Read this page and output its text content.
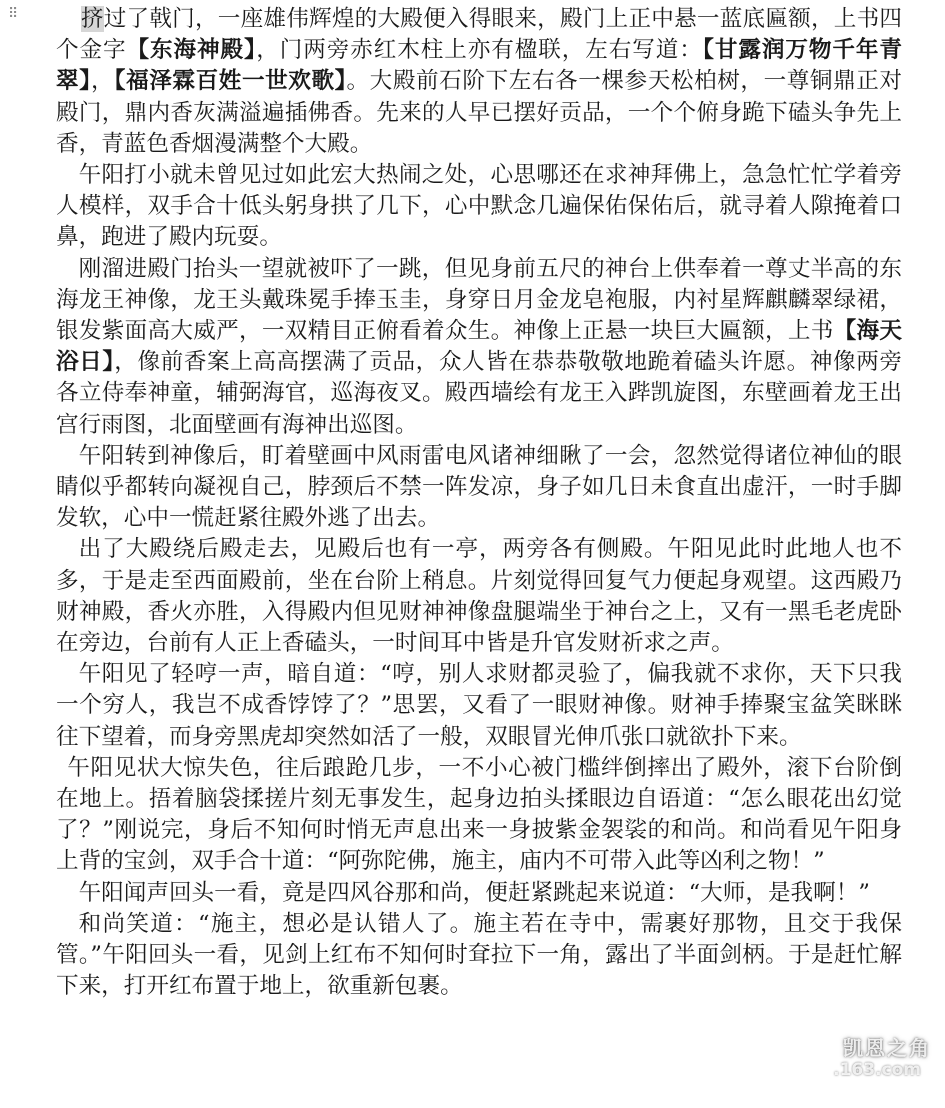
⠿	挤过了戟门，一座雄伟辉煌的大殿便入得眼来，殿门上正中悬一蓝底匾额，上书四个金字【东海神殿】，门两旁赤红木柱上亦有楹联，左右写道：【甘露润万物千年青翠】，【福泽霖百姓一世欢歌】。大殿前石阶下左右各一棵参天松柏树，一尊铜鼎正对殿门，鼎内香灰满溢遍插佛香。先来的人早已摆好贡品，一个个俯身跪下磕头争先上香，青蓝色香烟漫满整个大殿。

午阳打小就未曾见过如此宏大热闹之处，心思哪还在求神拜佛上，急急忙忙学着旁人模样，双手合十低头躬身拱了几下，心中默念几遍保佑保佑后，就寻着人隙掩着口鼻，跑进了殿内玩耍。

刚溜进殿门抬头一望就被吓了一跳，但见身前五尺的神台上供奉着一尊丈半高的东海龙王神像，龙王头戴珠冕手捧玉圭，身穿日月金龙皂袍服，内衬星辉麒麟翠绿裙，银发紫面高大威严，一双精目正俯看着众生。神像上正悬一块巨大匾额，上书【海天浴日】，像前香案上高高摆满了贡品，众人皆在恭恭敬敬地跪着磕头许愿。神像两旁各立侍奉神童，辅弼海官，巡海夜叉。殿西墙绘有龙王入跸凯旋图，东壁画着龙王出宫行雨图，北面壁画有海神出巡图。

午阳转到神像后，盯着壁画中风雨雷电风诸神细瞅了一会，忽然觉得诸位神仙的眼睛似乎都转向凝视自己，脖颈后不禁一阵发凉，身子如几日未食直出虚汗，一时手脚发软，心中一慌赶紧往殿外逃了出去。

出了大殿绕后殿走去，见殿后也有一亭，两旁各有侧殿。午阳见此时此地人也不多，于是走至西面殿前，坐在台阶上稍息。片刻觉得回复气力便起身观望。这西殿乃财神殿，香火亦胜，入得殿内但见财神神像盘腿端坐于神台之上，又有一黑毛老虎卧在旁边，台前有人正上香磕头，一时间耳中皆是升官发财祈求之声。

午阳见了轻哼一声，暗自道：“哼，别人求财都灵验了，偏我就不求你，天下只我一个穷人，我岂不成香饽饽了？”思罢，又看了一眼财神像。财神手捧聚宝盆笑眯眯往下望着，而身旁黑虎却突然如活了一般，双眼冒光伸爪张口就欲扑下来。

午阳见状大惊失色，往后踉跄几步，一不小心被门槛绊倒摔出了殿外，滚下台阶倒在地上。捂着脑袋揉搓片刻无事发生，起身边拍头揉眼边自语道：“怎么眼花出幻觉了？”刚说完，身后不知何时悄无声息出来一身披紫金袈裟的和尚。和尚看见午阳身上背的宝剑，双手合十道：“阿弥陀佛，施主，庙内不可带入此等凶利之物！”

午阳闻声回头一看，竟是四风谷那和尚，便赶紧跳起来说道：“大师，是我啊！”

和尚笑道：“施主，想必是认错人了。施主若在寺中，需裹好那物，且交于我保管。”午阳回头一看，见剑上红布不知何时耷拉下一角，露出了半面剑柄。于是赶忙解下来，打开红布置于地上，欲重新包裹。

凯恩之角
.163.com
